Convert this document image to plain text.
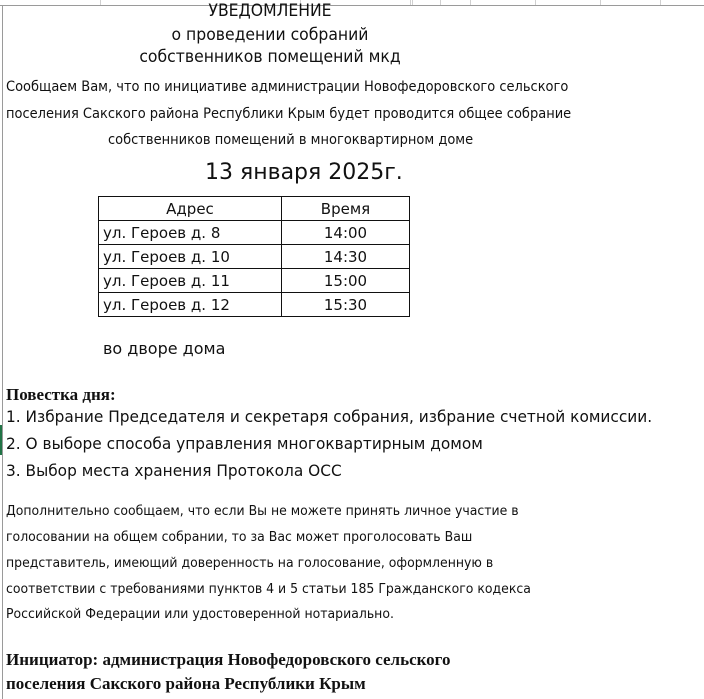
УВЕДОМЛЕНИЕ
о проведении собраний
собственников помещений мкд
Сообщаем Вам, что по инициативе администрации Новофедоровского сельского
поселения Сакского района Республики Крым будет проводится общее собрание
собственников помещений в многоквартирном доме
13 января 2025г.
Адрес	Время
ул. Героев д. 8	14:00
ул. Героев д. 10	14:30
ул. Героев д. 11	15:00
ул. Героев д. 12	15:30
во дворе дома
Повестка дня:
1. Избрание Председателя и секретаря собрания, избрание счетной комиссии.
2. О выборе способа управления многоквартирным домом
3. Выбор места хранения Протокола ОСС
Дополнительно сообщаем, что если Вы не можете принять личное участие в
голосовании на общем собрании, то за Вас может проголосовать Ваш
представитель, имеющий доверенность на голосование, оформленную в
соответствии с требованиями пунктов 4 и 5 статьи 185 Гражданского кодекса
Российской Федерации или удостоверенной нотариально.
Инициатор: администрация Новофедоровского сельского
поселения Сакского района Республики Крым
